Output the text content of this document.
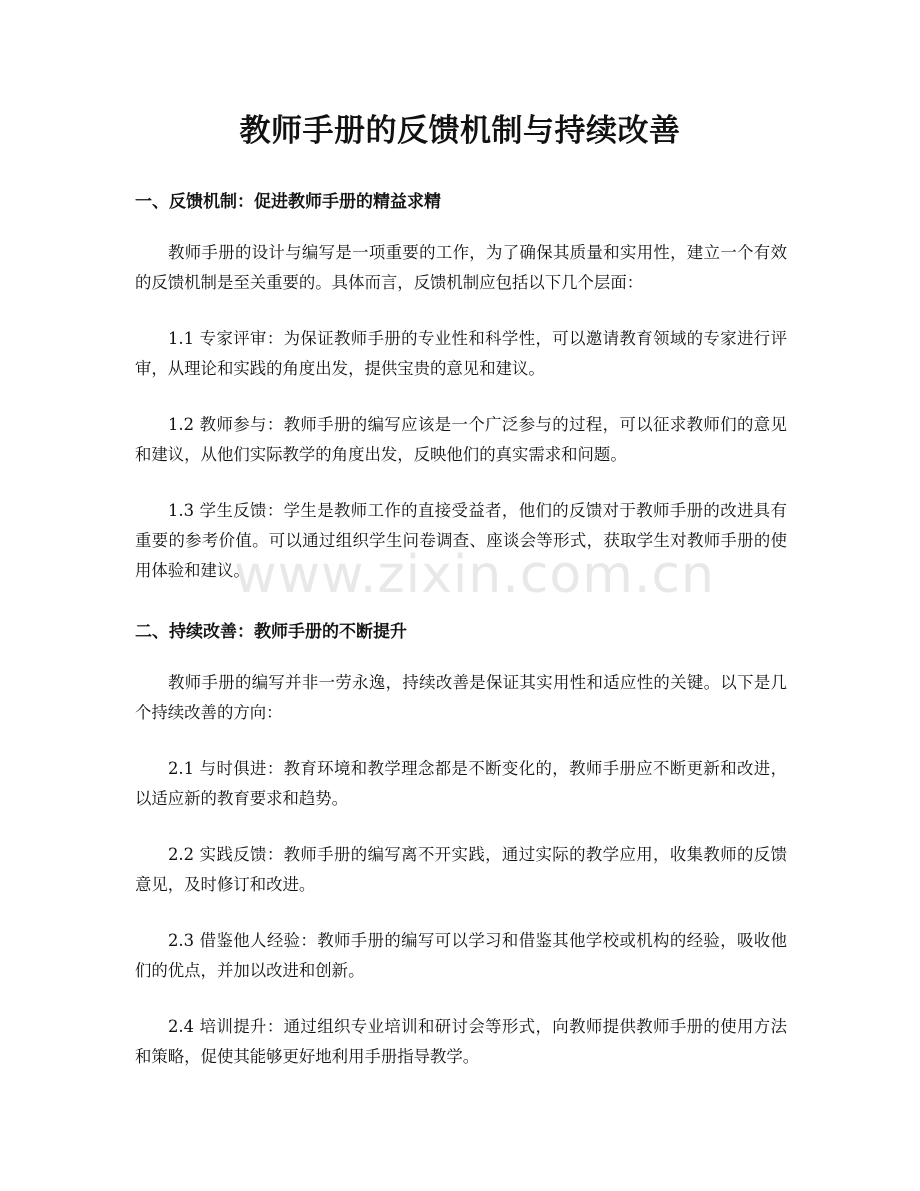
教师手册的反馈机制与持续改善
一、反馈机制：促进教师手册的精益求精

教师手册的设计与编写是一项重要的工作，为了确保其质量和实用性，建立一个有效的反馈机制是至关重要的。具体而言，反馈机制应包括以下几个层面：

1.1 专家评审：为保证教师手册的专业性和科学性，可以邀请教育领域的专家进行评审，从理论和实践的角度出发，提供宝贵的意见和建议。

1.2 教师参与：教师手册的编写应该是一个广泛参与的过程，可以征求教师们的意见和建议，从他们实际教学的角度出发，反映他们的真实需求和问题。

1.3 学生反馈：学生是教师工作的直接受益者，他们的反馈对于教师手册的改进具有重要的参考价值。可以通过组织学生问卷调查、座谈会等形式，获取学生对教师手册的使用体验和建议。

二、持续改善：教师手册的不断提升

教师手册的编写并非一劳永逸，持续改善是保证其实用性和适应性的关键。以下是几个持续改善的方向：

2.1 与时俱进：教育环境和教学理念都是不断变化的，教师手册应不断更新和改进，以适应新的教育要求和趋势。

2.2 实践反馈：教师手册的编写离不开实践，通过实际的教学应用，收集教师的反馈意见，及时修订和改进。

2.3 借鉴他人经验：教师手册的编写可以学习和借鉴其他学校或机构的经验，吸收他们的优点，并加以改进和创新。

2.4 培训提升：通过组织专业培训和研讨会等形式，向教师提供教师手册的使用方法和策略，促使其能够更好地利用手册指导教学。

www.zixin.com.cn
